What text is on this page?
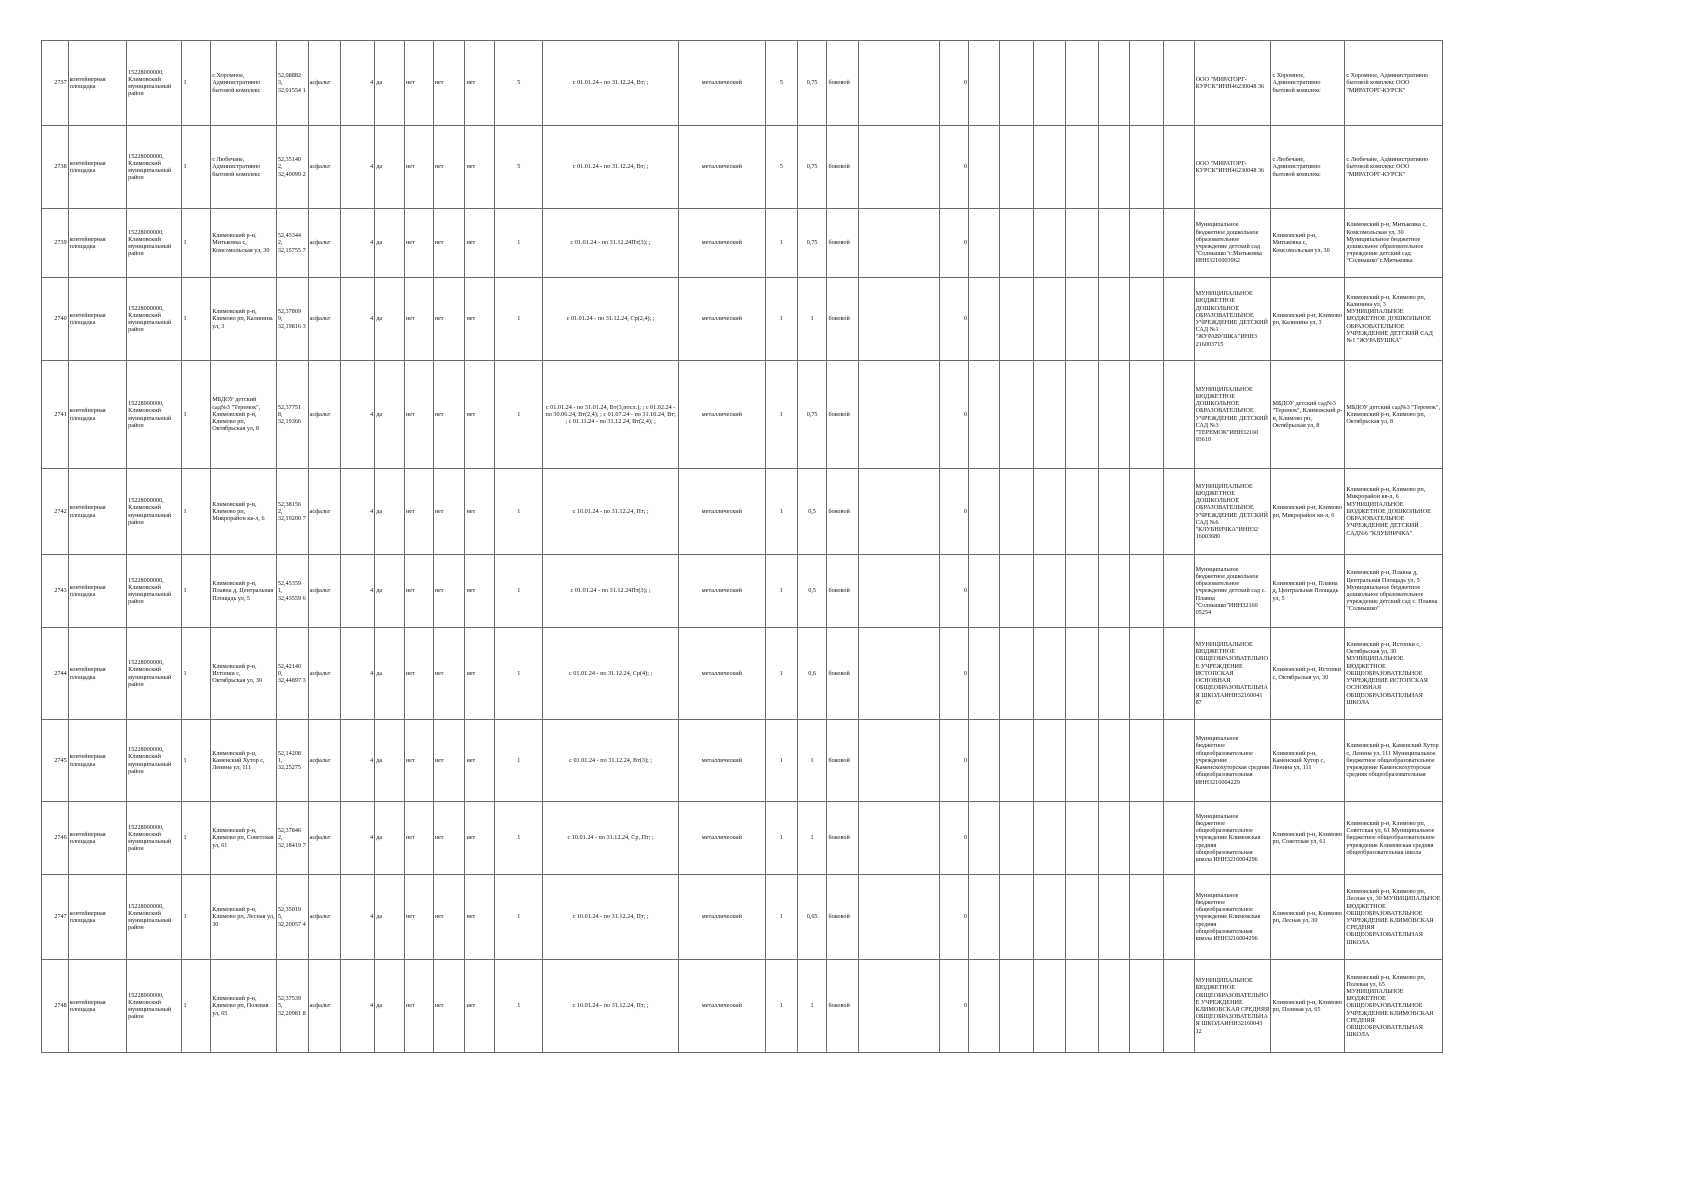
2737	контейнерная площадка	15228000000, Климовский муниципальный район	1	с Хоромное, Административно бытовой комплекс	52,08882 3, 32,01554 1	асфальт	4	да	нет	нет	нет	5	с 01.01.24 - по 31.12.24, Вт; ;	металлический	5	0,75	боковой		0								ООО "МИРАТОРГ-КУРСК"ИНН46230048 36	с Хоромное, Административно бытовой комплекс	с Хоромное, Административно бытовой комплекс ООО "МИРАТОРГ-КУРСК"
2738	контейнерная площадка	15228000000, Климовский муниципальный район	1	с Любечане, Административно бытовой комплекс	52,35140 2, 32,40099 2	асфальт	4	да	нет	нет	нет	5	с 01.01.24 - по 31.12.24, Вт; ;	металлический	5	0,75	боковой		0								ООО "МИРАТОРГ-КУРСК"ИНН46230048 36	с Любечане, Административно бытовой комплекс	с Любечане, Административно бытовой комплекс ООО "МИРАТОРГ-КУРСК"
2739	контейнерная площадка	15228000000, Климовский муниципальный район	1	Климовский р-н, Митьковка с, Комсомольская ул, 30	52,43344 2, 32,15755 7	асфальт	4	да	нет	нет	нет	1	с 01.01.24 - по 31.12.24Пт(3); ;	металлический	1	0,75	боковой		0								Муниципальное бюджетное дошкольное образовательное учреждение детский сад "Солнышко"с.Митьковка ИНН3216003962	Климовский р-н, Митьковка с, Комсомольская ул, 30	Климовский р-н, Митьковка с, Комсомольская ул, 30 Муниципальное бюджетное дошкольное образовательное учреждение детский сад "Солнышко"с.Митьковка
2740	контейнерная площадка	15228000000, Климовский муниципальный район	1	Климовский р-н, Климово рп, Калинина ул, 3	52,37809 9, 32,19816 3	асфальт	4	да	нет	нет	нет	1	с 01.01.24 - по 31.12.24, Ср(2,4); ;	металлический	1	1	боковой		0								МУНИЦИПАЛЬНОЕ БЮДЖЕТНОЕ ДОШКОЛЬНОЕ ОБРАЗОВАТЕЛЬНОЕ УЧРЕЖДЕНИЕ ДЕТСКИЙ САД №1 "ЖУРАВУШКА"ИНН3 216003715	Климовский р-н, Климово рп, Калинина ул, 3	Климовский р-н, Климово рп, Калинина ул, 3 МУНИЦИПАЛЬНОЕ БЮДЖЕТНОЕ ДОШКОЛЬНОЕ ОБРАЗОВАТЕЛЬНОЕ УЧРЕЖДЕНИЕ ДЕТСКИЙ САД №1 "ЖУРАВУШКА"
2741	контейнерная площадка	15228000000, Климовский муниципальный район	1	МБДОУ детский сад№3 "Теремок", Климовский р-н, Климово рп, Октябрьская ул, 8	52,37751 8, 32,19366	асфальт	4	да	нет	нет	нет	1	с 01.01.24 - по 31.01.24, Вт(3,посл.); ; с 01.02.24 - по 30.06.24, Вт(2,4); ; с 01.07.24 - по 31.10.24, Вт; ; с 01.11.24 - по 31.12.24, Вт(2,4); ;	металлический	1	0,75	боковой		0								МУНИЦИПАЛЬНОЕ БЮДЖЕТНОЕ ДОШКОЛЬНОЕ ОБРАЗОВАТЕЛЬНОЕ УЧРЕЖДЕНИЕ ДЕТСКИЙ САД №3 "ТЕРЕМОК"ИНН32160 03610	МБДОУ детский сад№3 "Теремок", Климовский р-н, Климово рп, Октябрьская ул, 8	МБДОУ детский сад№3 "Теремок", Климовский р-н, Климово рп, Октябрьская ул, 8
2742	контейнерная площадка	15228000000, Климовский муниципальный район	1	Климовский р-н, Климово рп, Микрорайон кв-л, 6	52,38156 2, 32,19200 7	асфальт	4	да	нет	нет	нет	1	с 10.01.24 - по 31.12.24, Пт; ;	металлический	1	0,5	боковой		0								МУНИЦИПАЛЬНОЕ БЮДЖЕТНОЕ ДОШКОЛЬНОЕ ОБРАЗОВАТЕЛЬНОЕ УЧРЕЖДЕНИЕ ДЕТСКИЙ САД №6 "КЛУБНИЧКА"ИНН32 16003680	Климовский р-н, Климово рп, Микрорайон кв-л, 6	Климовский р-н, Климово рп, Микрорайон кв-л, 6 МУНИЦИПАЛЬНОЕ БЮДЖЕТНОЕ ДОШКОЛЬНОЕ ОБРАЗОВАТЕЛЬНОЕ УЧРЕЖДЕНИЕ ДЕТСКИЙ САД№6 "КЛУБНИЧКА"
2743	контейнерная площадка	15228000000, Климовский муниципальный район	1	Климовский р-н, Плавна д, Центральная Площадь ул, 5	52,45359 1, 32,43559 6	асфальт	4	да	нет	нет	нет	1	с 01.01.24 - по 31.12.24Пт(3); ;	металлический	1	0,5	боковой		0								Муниципальное бюджетное дошкольное образовательное учреждение детский сад с. Плавна "Солнышко"ИНН32160 05254	Климовский р-н, Плавна д, Центральная Площадь ул, 5	Климовский р-н, Плавна д, Центральная Площадь ул, 5 Муниципальное бюджетное дошкольное образовательное учреждение детский сад с. Плавна "Солнышко"
2744	контейнерная площадка	15228000000, Климовский муниципальный район	1	Климовский р-н, Истопки с, Октябрьская ул, 30	52,42140 0, 32,44897 3	асфальт	4	да	нет	нет	нет	1	с 01.01.24 - по 31.12.24, Ср(4); ;	металлический	1	0,6	боковой		0								МУНИЦИПАЛЬНОЕ БЮДЖЕТНОЕ ОБЩЕОБРАЗОВАТЕЛЬНОЕ УЧРЕЖДЕНИЕ ИСТОПСКАЯ ОСНОВНАЯ ОБЩЕОБРАЗОВАТЕЛЬНАЯ ШКОЛАИНН32160041 87	Климовский р-н, Истопки с, Октябрьская ул, 30	Климовский р-н, Истопки с, Октябрьская ул, 30 МУНИЦИПАЛЬНОЕ БЮДЖЕТНОЕ ОБЩЕОБРАЗОВАТЕЛЬНОЕ УЧРЕЖДЕНИЕ ИСТОПСКАЯ ОСНОВНАЯ ОБЩЕОБРАЗОВАТЕЛЬНАЯ ШКОЛА
2745	контейнерная площадка	15228000000, Климовский муниципальный район	1	Климовский р-н, Каменский Хутор с, Ленина ул, 111	52,14208 1, 32,25275	асфальт	4	да	нет	нет	нет	1	с 01.01.24 - по 31.12.24, Вт(3); ;	металлический	1	1	боковой		0								Муниципальное бюджетное общеобразовательное учреждение Каменскохуторская средняя общеобразовательная ИНН3216004229	Климовский р-н, Каменский Хутор с, Ленина ул, 111	Климовский р-н, Каменский Хутор с, Ленина ул, 111 Муниципальное бюджетное общеобразовательное учреждение Каменскохуторская средняя общеобразовательная
2746	контейнерная площадка	15228000000, Климовский муниципальный район	1	Климовский р-н, Климово рп, Советская ул, 61	52,37846 2, 32,18419 7	асфальт	4	да	нет	нет	нет	1	с 10.01.24 - по 31.12.24, Ср, Пт; ;	металлический	1	1	боковой		0								Муниципальное бюджетное общеобразовательное учреждение Климовская средняя общеобразовательная школа ИНН3216004296	Климовский р-н, Климово рп, Советская ул, 61	Климовский р-н, Климово рп, Советская ул, 61 Муниципальное бюджетное общеобразовательное учреждение Климовская средняя общеобразовательная школа
2747	контейнерная площадка	15228000000, Климовский муниципальный район	1	Климовский р-н, Климово рп, Лесная ул, 30	52,35019 5, 32,20057 4	асфальт	4	да	нет	нет	нет	1	с 10.01.24 - по 31.12.24, Пт; ;	металлический	1	0,65	боковой		0								Муниципальное бюджетное общеобразовательное учреждение Климовская средняя общеобразовательная школа ИНН3216004296	Климовский р-н, Климово рп, Лесная ул, 30	Климовский р-н, Климово рп, Лесная ул, 30 МУНИЦИПАЛЬНОЕ БЮДЖЕТНОЕ ОБЩЕОБРАЗОВАТЕЛЬНОЕ УЧРЕЖДЕНИЕ КЛИМОВСКАЯ СРЕДНЯЯ ОБЩЕОБРАЗОВАТЕЛЬНАЯ ШКОЛА
2748	контейнерная площадка	15228000000, Климовский муниципальный район	1	Климовский р-н, Климово рп, Полевая ул, 65	52,37539 5, 32,20981 8	асфальт	4	да	нет	нет	нет	1	с 10.01.24 - по 31.12.24, Пт; ;	металлический	1	1	боковой		0								МУНИЦИПАЛЬНОЕ БЮДЖЕТНОЕ ОБЩЕОБРАЗОВАТЕЛЬНОЕ УЧРЕЖДЕНИЕ КЛИМОВСКАЯ СРЕДНЯЯ ОБЩЕОБРАЗОВАТЕЛЬНАЯ ШКОЛАИНН32160043 12	Климовский р-н, Климово рп, Полевая ул, 65	Климовский р-н, Климово рп, Полевая ул, 65 МУНИЦИПАЛЬНОЕ БЮДЖЕТНОЕ ОБЩЕОБРАЗОВАТЕЛЬНОЕ УЧРЕЖДЕНИЕ КЛИМОВСКАЯ СРЕДНЯЯ ОБЩЕОБРАЗОВАТЕЛЬНАЯ ШКОЛА
